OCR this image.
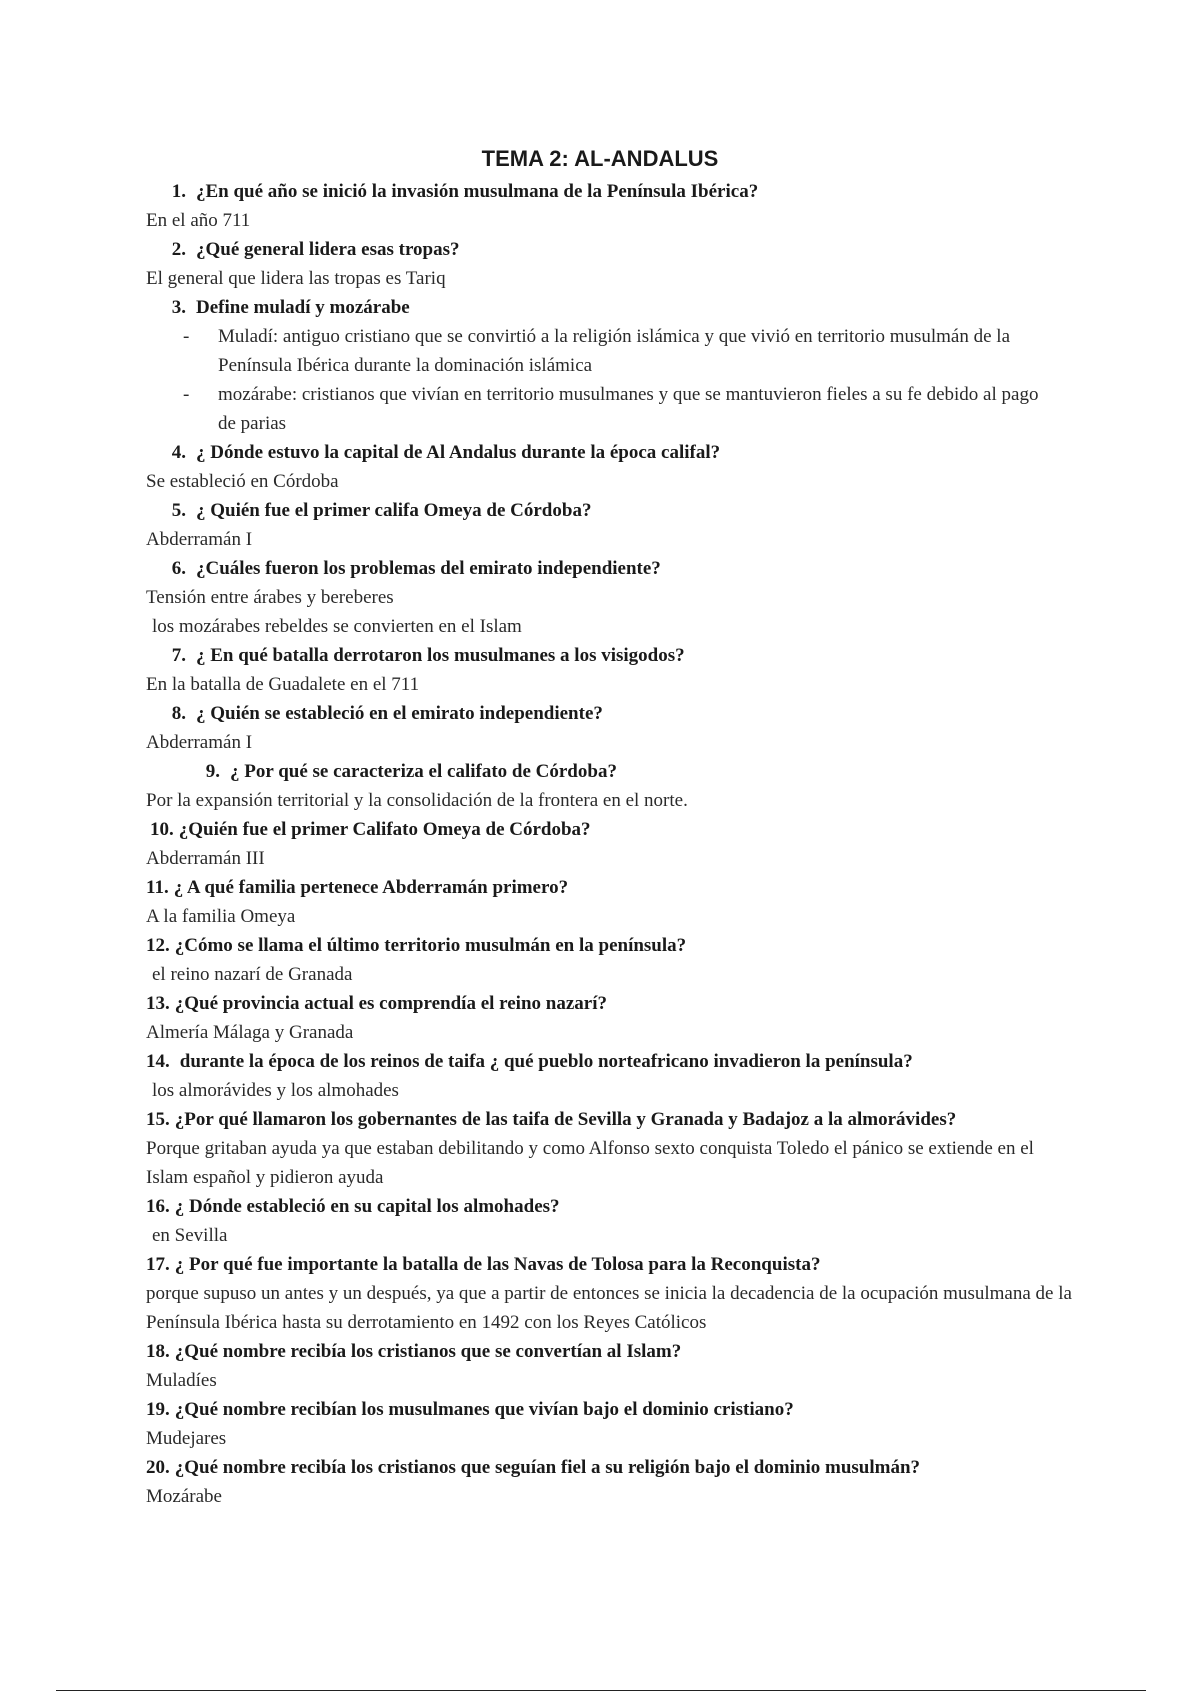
TEMA 2: AL-ANDALUS

1. ¿En qué año se inició la invasión musulmana de la Península Ibérica?

En el año 711

2. ¿Qué general lidera esas tropas?

El general que lidera las tropas es Tariq

3. Define muladí y mozárabe

- Muladí: antiguo cristiano que se convirtió a la religión islámica y que vivió en territorio musulmán de la Península Ibérica durante la dominación islámica

- mozárabe: cristianos que vivían en territorio musulmanes y que se mantuvieron fieles a su fe debido al pago de parias

4. ¿ Dónde estuvo la capital de Al Andalus durante la época califal?

Se estableció en Córdoba

5. ¿ Quién fue el primer califa Omeya de Córdoba?

Abderramán I

6. ¿Cuáles fueron los problemas del emirato independiente?

Tensión entre árabes y bereberes

los mozárabes rebeldes se convierten en el Islam

7. ¿ En qué batalla derrotaron los musulmanes a los visigodos?

En la batalla de Guadalete en el 711

8. ¿ Quién se estableció en el emirato independiente?

Abderramán I

9. ¿ Por qué se caracteriza el califato de Córdoba?

Por la expansión territorial y la consolidación de la frontera en el norte.

10. ¿Quién fue el primer Califato Omeya de Córdoba?

Abderramán III

11. ¿ A qué familia pertenece Abderramán primero?

A la familia Omeya

12. ¿Cómo se llama el último territorio musulmán en la península?

el reino nazarí de Granada

13. ¿Qué provincia actual es comprendía el reino nazarí?

Almería Málaga y Granada

14. durante la época de los reinos de taifa ¿ qué pueblo norteafricano invadieron la península?

los almorávides y los almohades

15. ¿Por qué llamaron los gobernantes de las taifa de Sevilla y Granada y Badajoz a la almorávides?

Porque gritaban ayuda ya que estaban debilitando y como Alfonso sexto conquista Toledo el pánico se extiende en el Islam español y pidieron ayuda

16. ¿ Dónde estableció en su capital los almohades?

en Sevilla

17. ¿ Por qué fue importante la batalla de las Navas de Tolosa para la Reconquista?

porque supuso un antes y un después, ya que a partir de entonces se inicia la decadencia de la ocupación musulmana de la Península Ibérica hasta su derrotamiento en 1492 con los Reyes Católicos

18. ¿Qué nombre recibía los cristianos que se convertían al Islam?

Muladíes

19. ¿Qué nombre recibían los musulmanes que vivían bajo el dominio cristiano?

Mudejares

20. ¿Qué nombre recibía los cristianos que seguían fiel a su religión bajo el dominio musulmán?

Mozárabe
